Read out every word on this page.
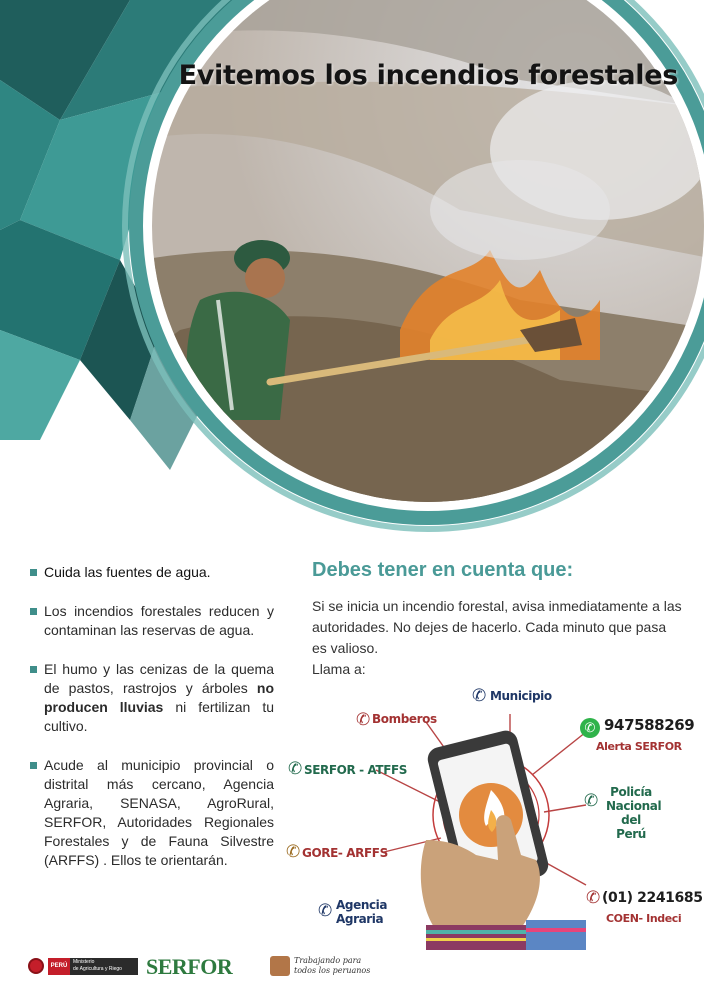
Evitemos los incendios forestales
Cuida las fuentes de agua.
Los incendios forestales reducen y contaminan las reservas de agua.
El humo y las cenizas de la quema de pastos, rastrojos y árboles no producen lluvias ni fertilizan tu cultivo.
Acude al municipio provincial o distrital más cercano, Agencia Agraria, SENASA, AgroRural, SERFOR, Autoridades Regionales Forestales y de Fauna Silvestre (ARFFS) . Ellos te orientarán.
Debes tener en cuenta que:
Si se inicia un incendio forestal, avisa inmediatamente a las autoridades. No dejes de hacerlo. Cada minuto que pasa es valioso.
Llama a:
✆ Bomberos
✆ Municipio
✆ 947588269
Alerta SERFOR
✆ SERFOR - ATFFS
✆ Policía
Nacional
del Perú
✆ GORE- ARFFS
✆ Agencia
Agraria
✆ (01) 2241685
COEN- Indeci
PERÚ
Ministerio
de Agricultura y Riego SERFOR	Trabajando para todos los peruanos
